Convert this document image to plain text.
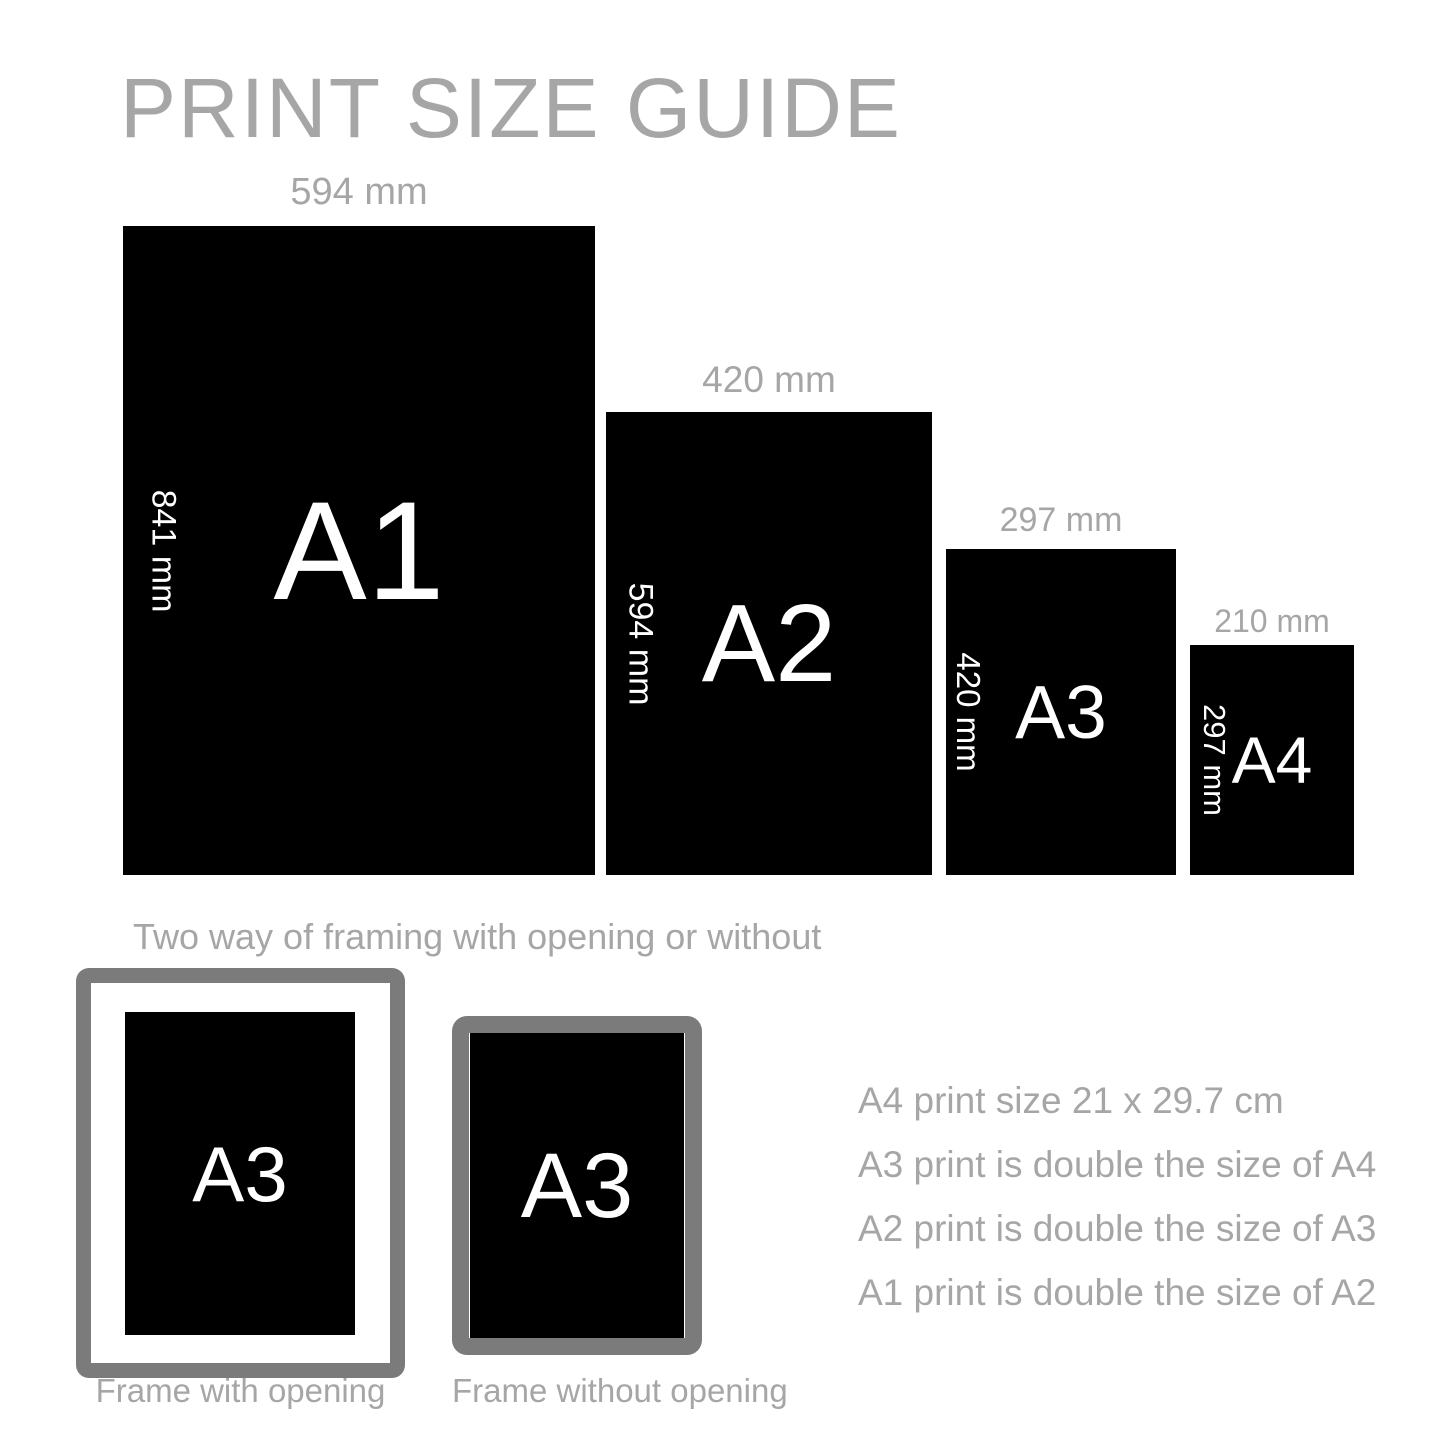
PRINT SIZE GUIDE
594 mm
841 mm A1
420 mm
594 mm A2
297 mm
420 mm A3
210 mm
297 mm A4
Two way of framing with opening or without
A3
Frame with opening
A3
Frame without opening
A4 print size 21 x 29.7 cm
A3 print is double the size of A4
A2 print is double the size of A3
A1 print is double the size of A2
